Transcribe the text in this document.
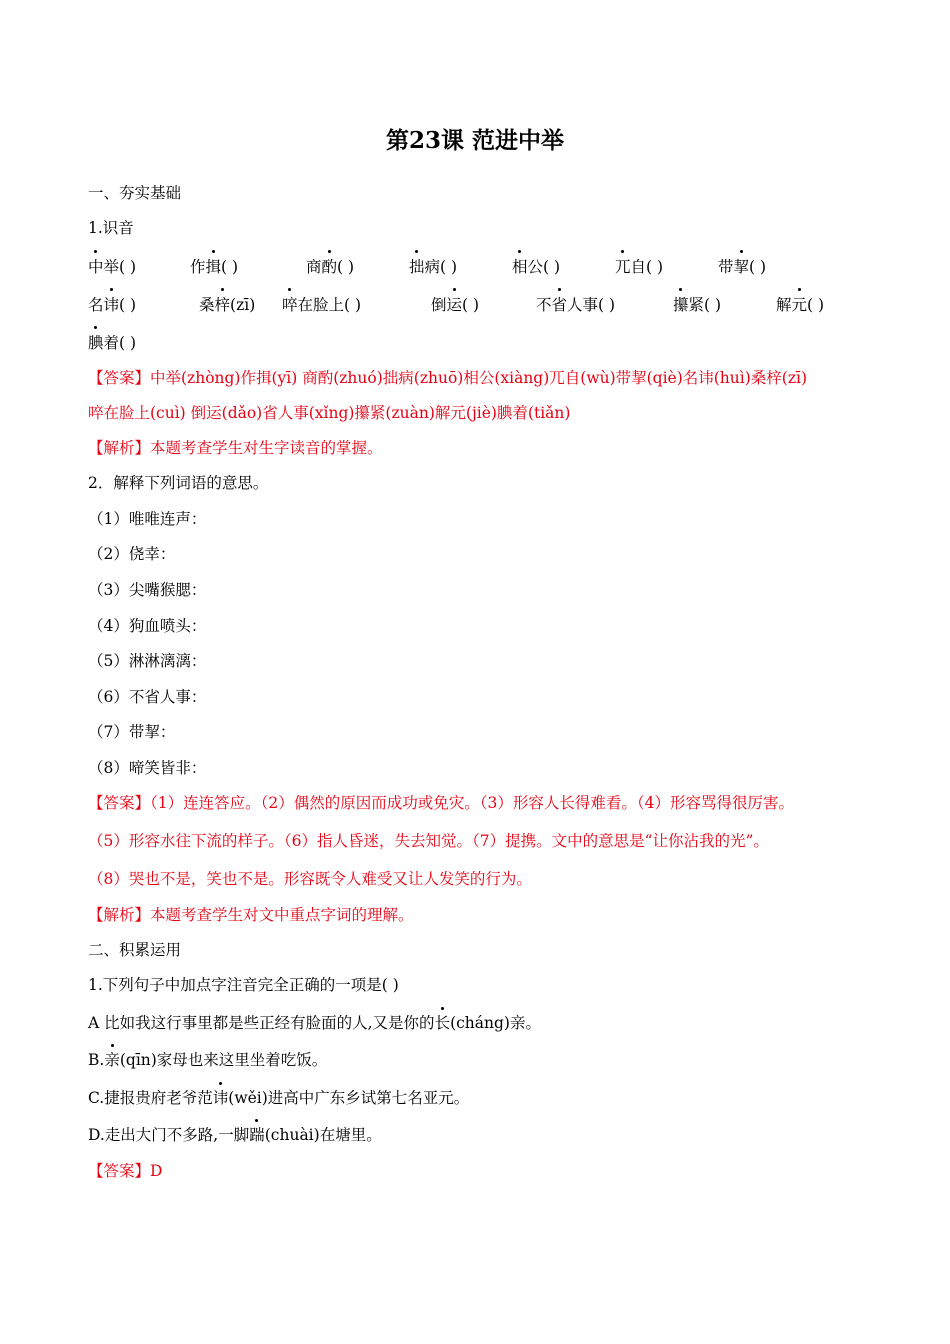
第23课 范进中举
一、夯实基础
1.识音
中举( )	作揖( )	商酌( )	拙病( )	相公( )	兀自( )	带挈( )
名讳( )	桑梓(zī) 啐在脸上( )	倒运( )	不省人事( )	攥紧( )	解元( )
腆着( )
【答案】中举(zhòng)作揖(yī) 商酌(zhuó)拙病(zhuō)相公(xiàng)兀自(wù)带挈(qiè)名讳(huì)桑梓(zī)
啐在脸上(cuì) 倒运(dǎo)省人事(xǐng)攥紧(zuàn)解元(jiè)腆着(tiǎn)
【解析】本题考查学生对生字读音的掌握。
2．解释下列词语的意思。
（1）唯唯连声：
（2）侥幸：
（3）尖嘴猴腮：
（4）狗血喷头：
（5）淋淋漓漓：
（6）不省人事：
（7）带挈：
（8）啼笑皆非：
【答案】（1）连连答应。（2）偶然的原因而成功或免灾。（3）形容人长得难看。（4）形容骂得很厉害。
（5）形容水往下流的样子。（6）指人昏迷，失去知觉。（7）提携。文中的意思是“让你沾我的光”。
（8）哭也不是，笑也不是。形容既令人难受又让人发笑的行为。
【解析】本题考查学生对文中重点字词的理解。
二、积累运用
1.下列句子中加点字注音完全正确的一项是( )
A 比如我这行事里都是些正经有脸面的人,又是你的长(cháng)亲。
B.亲(qīn)家母也来这里坐着吃饭。
C.捷报贵府老爷范讳(wěi)进高中广东乡试第七名亚元。
D.走出大门不多路,一脚踹(chuài)在塘里。
【答案】D
